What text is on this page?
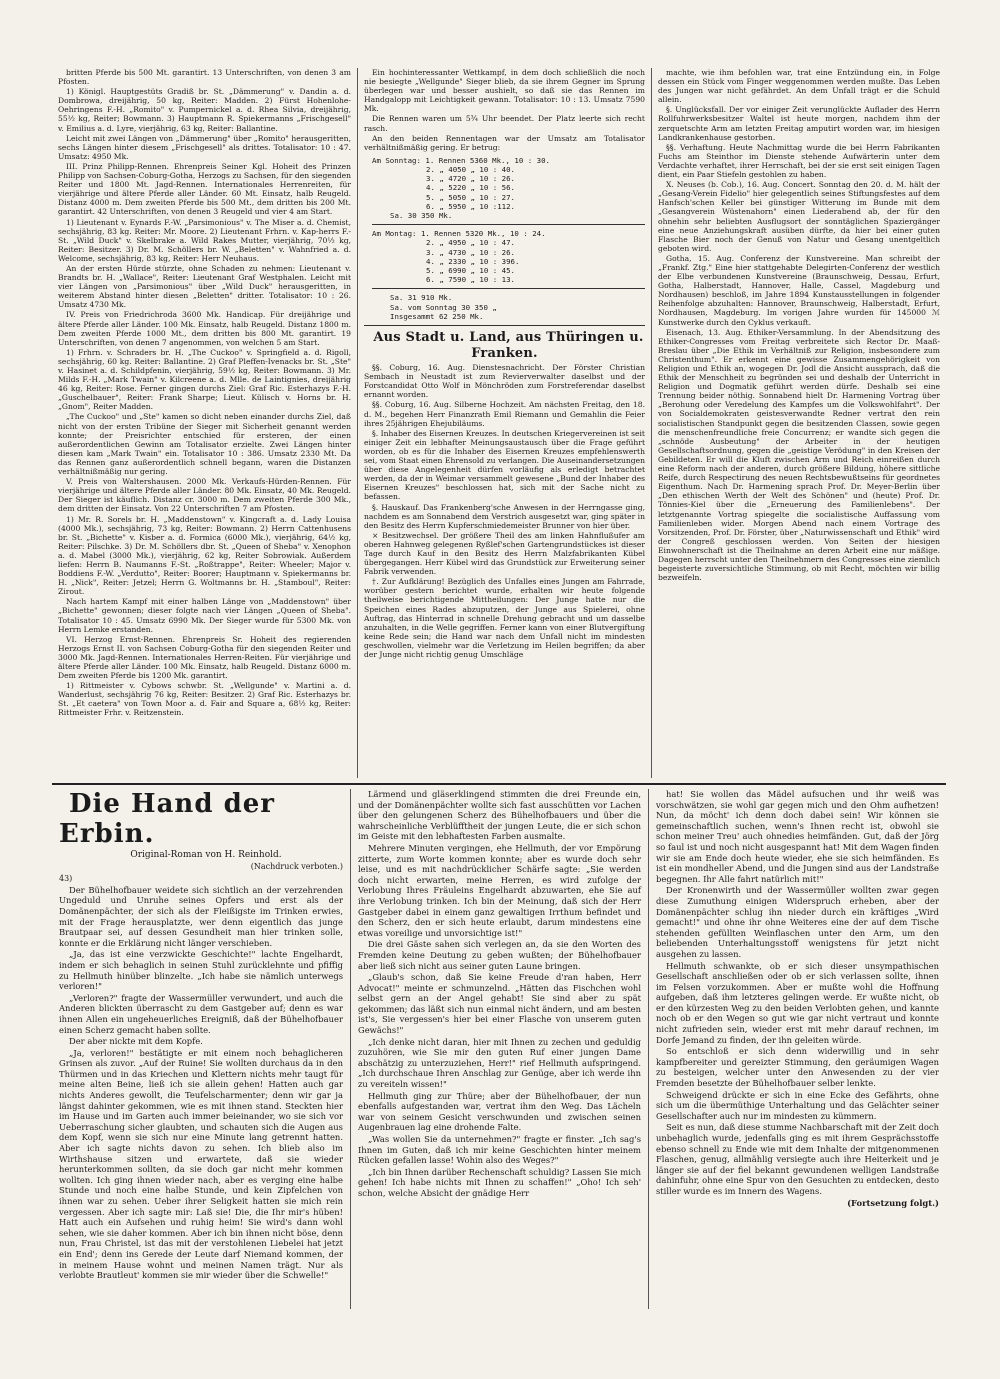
britten Pferde bis 500 Mt. garantirt. 13 Unterschriften, von denen 3 am Pfosten.

1) Königl. Hauptgestüts Gradiß br. St. „Dämmerung" v. Dandin a. d. Dombrowa, dreijährig, 50 kg, Reiter: Madden. 2) Fürst Hohenlohe-Oehringens F.-H. „Romito" v. Pumpernickel a. d. Rhea Silvia, dreijährig, 55½ kg, Reiter; Bowmann. 3) Hauptmann R. Spiekermanns „Frischgesell" v. Emilius a. d. Lyre, vierjährig, 63 kg, Reiter: Ballantine.

Leicht mit zwei Längen von „Dämmerung" über „Romito" herausgeritten, sechs Längen hinter diesem „Frischgesell" als drittes. Totalisator: 10 : 47. Umsatz: 4950 Mk.

III. Prinz Philipp-Rennen. Ehrenpreis Seiner Kgl. Hoheit des Prinzen Philipp von Sachsen-Coburg-Gotha, Herzogs zu Sachsen, für den siegenden Reiter und 1800 Mt. Jagd-Rennen. Internationales Herrenreiten, für vierjährige und ältere Pferde aller Länder. 60 Mt. Einsatz, halb Reugeld. Distanz 4000 m. Dem zweiten Pferde bis 500 Mt., dem dritten bis 200 Mt. garantirt. 42 Unterschriften, von denen 3 Reugeld und vier 4 am Start.

1) Lieutenant v. Eynards F.-W. „Parsimonious" v. The Miser a. d. Chemist, sechsjährig, 83 kg. Reiter: Mr. Moore. 2) Lieutenant Frhrn. v. Kap-herrs F.-St. „Wild Duck" v. Skelbrake a. Wild Rakes Mutter, vierjährig, 70½ kg, Reiter: Besitzer. 3) Dr. M. Schöllers br. W. „Beletten" v. Wahnfried a. d. Welcome, sechsjährig, 83 kg, Reiter: Herr Neuhaus.

An der ersten Hürde stürzte, ohne Schaden zu nehmen: Lieutenant v. Brandts br. H. „Wallace", Reiter: Lieutenant Graf Westphalen. Leicht mit vier Längen von „Parsimonious" über „Wild Duck" herausgeritten, in weiterem Abstand hinter diesen „Beletten" dritter. Totalisator: 10 : 26. Umsatz 4730 Mk.

IV. Preis von Friedrichroda 3600 Mk. Handicap. Für dreijährige und ältere Pferde aller Länder. 100 Mk. Einsatz, halb Reugeld. Distanz 1800 m. Dem zweiten Pferde 1000 Mt., dem dritten bis 800 Mt. garantirt. 19 Unterschriften, von denen 7 angenommen, von welchen 5 am Start.

1) Frhrn. v. Schraders br. H. „The Cuckoo" v. Springfield a. d. Rigoll, sechsjährig, 60 kg. Reiter: Ballantine. 2) Graf Pleffen-Ivenacks br. St. „Ste" v. Hasinet a. d. Schildpfenin, vierjährig, 59½ kg, Reiter: Bowmann. 3) Mr. Milds F.-H. „Mark Twain" v. Kilcreene a. d. Mlle. de Laintignies, dreijährig 46 kg, Reiter: Rose. Ferner gingen durchs Ziel: Graf Ric. Esterhazys F.-H. „Guschelbauer", Reiter: Frank Sharpe; Lieut. Külisch v. Horns br. H. „Gnom", Reiter Madden.

„The Cuckoo" und „Ste" kamen so dicht neben einander durchs Ziel, daß nicht von der ersten Tribüne der Sieger mit Sicherheit genannt werden konnte; der Preisrichter entschied für ersteren, der einen außerordentlichen Gewinn am Totalisator erzielte. Zwei Längen hinter diesen kam „Mark Twain" ein. Totalisator 10 : 386. Umsatz 2330 Mt. Da das Rennen ganz außerordentlich schnell begann, waren die Distanzen verhältnißmäßig nur gering.

V. Preis von Waltershausen. 2000 Mk. Verkaufs-Hürden-Rennen. Für vierjährige und ältere Pferde aller Länder. 80 Mk. Einsatz, 40 Mk. Reugeld. Der Sieger ist käuflich. Distanz cr. 3000 m. Dem zweiten Pferde 300 Mk., dem dritten der Einsatz. Von 22 Unterschriften 7 am Pfosten.

1) Mr. R. Sorels br. H. „Maddenstown" v. Kingcraft a. d. Lady Louisa (4000 Mk.), sechsjährig, 73 kg, Reiter: Bowmann. 2) Herrn Cattenhusens br. St. „Bichette" v. Kisber a. d. Formica (6000 Mk.), vierjährig, 64½ kg, Reiter: Pilschke. 3) Dr. M. Schöllers dbr. St. „Queen of Sheba" v. Xenophon a. d. Mabel (3000 Mk.), vierjährig, 62 kg, Reiter Sobrowiak. Außerdem liefen: Herrn B. Naumanns F.-St. „Roßtrappe", Reiter: Wheeler; Major v. Boddiens F.-W. „Verdutto", Reiter: Boorer; Hauptmann v. Spiekermanns br. H. „Nick", Reiter: Jetzel; Herrn G. Woltmanns br. H. „Stamboul", Reiter: Zirout.

Nach hartem Kampf mit einer halben Länge von „Maddenstown" über „Bichette" gewonnen; dieser folgte nach vier Längen „Queen of Sheba". Totalisator 10 : 45. Umsatz 6990 Mk. Der Sieger wurde für 5300 Mk. von Herrn Lemke erstanden.

VI. Herzog Ernst-Rennen. Ehrenpreis Sr. Hoheit des regierenden Herzogs Ernst II. von Sachsen Coburg-Gotha für den siegenden Reiter und 3000 Mk. Jagd-Rennen. Internationales Herren-Reiten. Für vierjährige und ältere Pferde aller Länder. 100 Mk. Einsatz, halb Reugeld. Distanz 6000 m. Dem zweiten Pferde bis 1200 Mk. garantirt.

1) Rittmeister v. Cybows schwbr. St. „Wellgunde" v. Martini a. d. Wanderlust, sechsjährig 76 kg, Reiter: Besitzer. 2) Graf Ric. Esterhazys br. St. „Et caetera" von Town Moor a. d. Fair and Square a, 68½ kg, Reiter: Rittmeister Frhr. v. Reitzenstein.

Ein hochinteressanter Wettkampf, in dem doch schließlich die noch nie besiegte „Wellgunde" Sieger blieb, da sie ihrem Gegner im Sprung überlegen war und besser aushielt, so daß sie das Rennen im Handgalopp mit Leichtigkeit gewann. Totalisator: 10 : 13. Umsatz 7590 Mk.

Die Rennen waren um 5¾ Uhr beendet. Der Platz leerte sich recht rasch.

An den beiden Rennentagen war der Umsatz am Totalisator verhältnißmäßig gering. Er betrug:

Am Sonntag: 1. Rennen 5360 Mk., 10 : 30.
2. „ 4050 „ 10 : 40.
3. „ 4720 „ 10 : 26.
4. „ 5220 „ 10 : 56.
5. „ 5050 „ 10 : 27.
6. „ 5950 „ 10 :112.
Sa. 30 350 Mk.
Am Montag: 1. Rennen 5320 Mk., 10 : 24.
2. „ 4950 „ 10 : 47.
3. „ 4730 „ 10 : 26.
4. „ 2330 „ 10 : 396.
5. „ 6990 „ 10 : 45.
6. „ 7590 „ 10 : 13.
Sa. 31 910 Mk.
Sa. vom Sonntag 30 350 „
Insgesammt 62 250 Mk.

Aus Stadt u. Land, aus Thüringen u. Franken.

§§. Coburg, 16. Aug. Dienstesnachricht. Der Förster Christian Sembach in Neustadt ist zum Revierverwalter daselbst und der Forstcandidat Otto Wolf in Mönchröden zum Forstreferendar daselbst ernannt worden.

§§. Coburg, 16. Aug. Silberne Hochzeit. Am nächsten Freitag, den 18. d. M., begehen Herr Finanzrath Emil Riemann und Gemahlin die Feier ihres 25jährigen Ehejubiläums.

§. Inhaber des Eisernen Kreuzes. In deutschen Kriegervereinen ist seit einiger Zeit ein lebhafter Meinungsaustausch über die Frage geführt worden, ob es für die Inhaber des Eisernen Kreuzes empfehlenswerth sei, vom Staat einen Ehrensold zu verlangen. Die Auseinandersetzungen über diese Angelegenheit dürfen vorläufig als erledigt betrachtet werden, da der in Weimar versammelt gewesene „Bund der Inhaber des Eisernen Kreuzes" beschlossen hat, sich mit der Sache nicht zu befassen.

§. Hauskauf. Das Frankenberg'sche Anwesen in der Herrngasse ging, nachdem es am Sonnabend dem Verstrich ausgesetzt war, ging später in den Besitz des Herrn Kupferschmiedemeister Brunner von hier über.

× Besitzwechsel. Der größere Theil des am linken Hahnflußufer am oberen Hahnweg gelegenen Ryßlef'schen Gartengrundstückes ist dieser Tage durch Kauf in den Besitz des Herrn Malzfabrikanten Kübel übergegangen. Herr Kübel wird das Grundstück zur Erweiterung seiner Fabrik verwenden.

†. Zur Aufklärung! Bezüglich des Unfalles eines Jungen am Fahrrade, worüber gestern berichtet wurde, erhalten wir heute folgende theilweise berichtigende Mittheilungen: Der Junge hatte nur die Speichen eines Rades abzuputzen, der Junge aus Spielerei, ohne Auftrag, das Hinterrad in schnelle Drehung gebracht und um dasselbe anzuhalten, in die Welle gegriffen. Ferner kann von einer Blutvergiftung keine Rede sein; die Hand war nach dem Unfall nicht im mindesten geschwollen, vielmehr war die Verletzung im Heilen begriffen; da aber der Junge nicht richtig genug Umschläge

machte, wie ihm befohlen war, trat eine Entzündung ein, in Folge dessen ein Stück vom Finger weggenommen werden mußte. Das Leben des Jungen war nicht gefährdet. An dem Unfall trägt er die Schuld allein.

§. Unglücksfall. Der vor einiger Zeit verunglückte Auflader des Herrn Rollfuhrwerksbesitzer Waltel ist heute morgen, nachdem ihm der zerquetschte Arm am letzten Freitag amputirt worden war, im hiesigen Landkrankenhause gestorben.

§§. Verhaftung. Heute Nachmittag wurde die bei Herrn Fabrikanten Fuchs am Steinthor im Dienste stehende Aufwärterin unter dem Verdachte verhaftet, ihrer Herrschaft, bei der sie erst seit einigen Tagen dient, ein Paar Stiefeln gestohlen zu haben.

X. Neuses (b. Cob.), 16. Aug. Concert. Sonntag den 20. d. M. hält der „Gesang-Verein Fidelio" hier gelegentlich seines Stiftungsfestes auf dem Hanfsch'schen Keller bei günstiger Witterung im Bunde mit dem „Gesangverein Wüstenahorn" einen Liederabend ab, der für den ohnehin sehr beliebten Ausflugsort der sonntäglichen Spaziergänger eine neue Anziehungskraft ausüben dürfte, da hier bei einer guten Flasche Bier noch der Genuß von Natur und Gesang unentgeltlich geboten wird.

Gotha, 15. Aug. Conferenz der Kunstvereine. Man schreibt der „Frankf. Ztg." Eine hier stattgehabte Delegirten-Conferenz der westlich der Elbe verbundenen Kunstvereine (Braunschweig, Dessau, Erfurt, Gotha, Halberstadt, Hannover, Halle, Cassel, Magdeburg und Nordhausen) beschloß, im Jahre 1894 Kunstausstellungen in folgender Reihenfolge abzuhalten: Hannover, Braunschweig, Halberstadt, Erfurt, Nordhausen, Magdeburg. Im vorigen Jahre wurden für 145000 ℳ Kunstwerke durch den Cyklus verkauft.

Eisenach, 13. Aug. Ethiker-Versammlung. In der Abendsitzung des Ethiker-Congresses vom Freitag verbreitete sich Rector Dr. Maaß-Breslau über „Die Ethik im Verhältniß zur Religion, insbesondere zum Christenthum". Er erkennt eine gewisse Zusammengehörigkeit von Religion und Ethik an, wogegen Dr. Jodl die Ansicht aussprach, daß die Ethik der Menschheit zu begründen sei und deshalb der Unterricht in Religion und Dogmatik geführt werden dürfe. Deshalb sei eine Trennung beider nöthig. Sonnabend hielt Dr. Harmening Vortrag über „Berohung oder Veredelung des Kampfes um die Volkswohlfahrt". Der von Socialdemokraten geistesverwandte Redner vertrat den rein socialistischen Standpunkt gegen die besitzenden Classen, sowie gegen die menschenfreundliche freie Concurrenz; er wandte sich gegen die „schnöde Ausbeutung" der Arbeiter in der heutigen Gesellschaftsordnung, gegen die „geistige Verödung" in den Kreisen der Gebildeten. Er will die Kluft zwischen Arm und Reich einreißen durch eine Reform nach der anderen, durch größere Bildung, höhere sittliche Reife, durch Respectirung des neuen Rechtsbewußtseins für geordnetes Eigenthum. Nach Dr. Harmening sprach Prof. Dr. Meyer-Berlin über „Den ethischen Werth der Welt des Schönen" und (heute) Prof. Dr. Tönnies-Kiel über die „Erneuerung des Familienlebens". Der letztgenannte Vortrag spiegelte die socialistische Auffassung vom Familienleben wider. Morgen Abend nach einem Vortrage des Vorsitzenden, Prof. Dr. Förster, über „Naturwissenschaft und Ethik" wird der Congreß geschlossen werden. Von Seiten der hiesigen Einwohnerschaft ist die Theilnahme an deren Arbeit eine nur mäßige. Dagegen herrscht unter den Theilnehmern des Congresses eine ziemlich begeisterte zuversichtliche Stimmung, ob mit Recht, möchten wir billig bezweifeln.

Die Hand der Erbin.

Original-Roman von H. Reinhold.

(Nachdruck verboten.)

43)

Der Bühelhofbauer weidete sich sichtlich an der verzehrenden Ungeduld und Unruhe seines Opfers und erst als der Domänenpächter, der sich als der Fleißigste im Trinken erwies, mit der Frage herausplatzte, wer denn eigentlich das junge Brautpaar sei, auf dessen Gesundheit man hier trinken solle, konnte er die Erklärung nicht länger verschieben.

„Ja, das ist eine verzwickte Geschichte!" lachte Engelhardt, indem er sich behaglich in seinen Stuhl zurücklehnte und pfiffig zu Hellmuth hinüber blinzelte. „Ich habe sie nämlich unterwegs verloren!"

„Verloren?" fragte der Wassermüller verwundert, und auch die Anderen blickten überrascht zu dem Gastgeber auf; denn es war ihnen Allen ein ungeheuerliches Ereigniß, daß der Bühelhofbauer einen Scherz gemacht haben sollte.

Der aber nickte mit dem Kopfe.

„Ja, verloren!" bestätigte er mit einem noch behaglicheren Grinsen als zuvor. „Auf der Ruine! Sie wollten durchaus da in den Thürmen und in das Kriechen und Klettern nichts mehr taugt für meine alten Beine, ließ ich sie allein gehen! Hatten auch gar nichts Anderes gewollt, die Teufelscharmenter; denn wir gar ja längst dahinter gekommen, wie es mit ihnen stand. Steckten hier im Hause und im Garten auch immer beieinander, wo sie sich vor Ueberraschung sicher glaubten, und schauten sich die Augen aus dem Kopf, wenn sie sich nur eine Minute lang getrennt hatten. Aber ich sagte nichts davon zu sehen. Ich blieb also im Wirthshause sitzen und erwartete, daß sie wieder herunterkommen sollten, da sie doch gar nicht mehr kommen wollten. Ich ging ihnen wieder nach, aber es verging eine halbe Stunde und noch eine halbe Stunde, und kein Zipfelchen von ihnen war zu sehen. Ueber ihrer Seligkeit hatten sie mich rein vergessen. Aber ich sagte mir: Laß sie! Die, die Ihr mir's hüben! Hatt auch ein Aufsehen und ruhig heim! Sie wird's dann wohl sehen, wie sie daher kommen. Aber ich bin ihnen nicht böse, denn nun, Frau Christel, ist das mit der verstohlenen Liebelei hat jetzt ein End'; denn ins Gerede der Leute darf Niemand kommen, der in meinem Hause wohnt und meinen Namen trägt. Nur als verlobte Brautleut' kommen sie mir wieder über die Schwelle!"

Lärmend und gläserklingend stimmten die drei Freunde ein, und der Domänenpächter wollte sich fast ausschütten vor Lachen über den gelungenen Scherz des Bühelhofbauers und über die wahrscheinliche Verblüfftheit der jungen Leute, die er sich schon im Geiste mit den lebhaftesten Farben ausmalte.

Mehrere Minuten vergingen, ehe Hellmuth, der vor Empörung zitterte, zum Worte kommen konnte; aber es wurde doch sehr leise, und es mit nachdrücklicher Schärfe sagte: „Sie werden doch nicht erwarten, meine Herren, es wird zufolge der Verlobung Ihres Fräuleins Engelhardt abzuwarten, ehe Sie auf ihre Verlobung trinken. Ich bin der Meinung, daß sich der Herr Gastgeber dabei in einem ganz gewaltigen Irrthum befindet und den Scherz, den er sich heute erlaubt, darum mindestens eine etwas voreilige und unvorsichtige ist!"

Die drei Gäste sahen sich verlegen an, da sie den Worten des Fremden keine Deutung zu geben wußten; der Bühelhofbauer aber ließ sich nicht aus seiner guten Laune bringen.

„Glaub's schon, daß Sie keine Freude d'ran haben, Herr Advocat!" meinte er schmunzelnd. „Hätten das Fischchen wohl selbst gern an der Angel gehabt! Sie sind aber zu spät gekommen; das läßt sich nun einmal nicht ändern, und am besten ist's, Sie vergessen's hier bei einer Flasche von unserem guten Gewächs!"

„Ich denke nicht daran, hier mit Ihnen zu zechen und geduldig zuzuhören, wie Sie mir den guten Ruf einer jungen Dame abschätzig zu unterzuziehen, Herr!" rief Hellmuth aufspringend. „Ich durchschaue Ihren Anschlag zur Genüge, aber ich werde ihn zu vereiteln wissen!"

Hellmuth ging zur Thüre; aber der Bühelhofbauer, der nun ebenfalls aufgestanden war, vertrat ihm den Weg. Das Lächeln war von seinem Gesicht verschwunden und zwischen seinen Augenbrauen lag eine drohende Falte.

„Was wollen Sie da unternehmen?" fragte er finster. „Ich sag's Ihnen im Guten, daß ich mir keine Geschichten hinter meinem Rücken gefallen lasse! Wohin also des Weges?"

„Ich bin Ihnen darüber Rechenschaft schuldig? Lassen Sie mich gehen! Ich habe nichts mit Ihnen zu schaffen!" „Oho! Ich seh' schon, welche Absicht der gnädige Herr

hat! Sie wollen das Mädel aufsuchen und ihr weiß was vorschwätzen, sie wohl gar gegen mich und den Ohm aufhetzen! Nun, da möcht' ich denn doch dabei sein! Wir können sie gemeinschaftlich suchen, wenn's Ihnen recht ist, obwohl sie schon meiner Treu' auch ohnedies heimfänden. Gut, daß der Jörg so faul ist und noch nicht ausgespannt hat! Mit dem Wagen finden wir sie am Ende doch heute wieder, ehe sie sich heimfänden. Es ist ein mondheller Abend, und die Jungen sind aus der Landstraße begegnen. Ihr Alle fahrt natürlich mit!"

Der Kronenwirth und der Wassermüller wollten zwar gegen diese Zumuthung einigen Widerspruch erheben, aber der Domänenpächter schlug ihn nieder durch ein kräftiges „Wird gemacht!" und ohne ihr ohne Weiteres eine der auf dem Tische stehenden gefüllten Weinflaschen unter den Arm, um den beliebenden Unterhaltungsstoff wenigstens für jetzt nicht ausgehen zu lassen.

Hellmuth schwankte, ob er sich dieser unsympathischen Gesellschaft anschließen oder ob er sich verlassen sollte, ihnen im Felsen vorzukommen. Aber er mußte wohl die Hoffnung aufgeben, daß ihm letzteres gelingen werde. Er wußte nicht, ob er den kürzesten Weg zu den beiden Verlobten gehen, und kannte noch ob er den Wegen so gut wie gar nicht vertraut und konnte nicht zufrieden sein, wieder erst mit mehr darauf rechnen, im Dorfe Jemand zu finden, der ihn geleiten würde.

So entschloß er sich denn widerwillig und in sehr kampfbereiter und gereizter Stimmung, den geräumigen Wagen zu besteigen, welcher unter den Anwesenden zu der vier Fremden besetzte der Bühelhofbauer selber lenkte.

Schweigend drückte er sich in eine Ecke des Gefährts, ohne sich um die übermüthige Unterhaltung und das Gelächter seiner Gesellschafter auch nur im mindesten zu kümmern.

Seit es nun, daß diese stumme Nachbarschaft mit der Zeit doch unbehaglich wurde, jedenfalls ging es mit ihrem Gesprächsstoffe ebenso schnell zu Ende wie mit dem Inhalte der mitgenommenen Flaschen, genug, allmählig versiegte auch ihre Heiterkeit und je länger sie auf der fiel bekannt gewundenen welligen Landstraße dahinfuhr, ohne eine Spur von den Gesuchten zu entdecken, desto stiller wurde es im Innern des Wagens.

(Fortsetzung folgt.)
